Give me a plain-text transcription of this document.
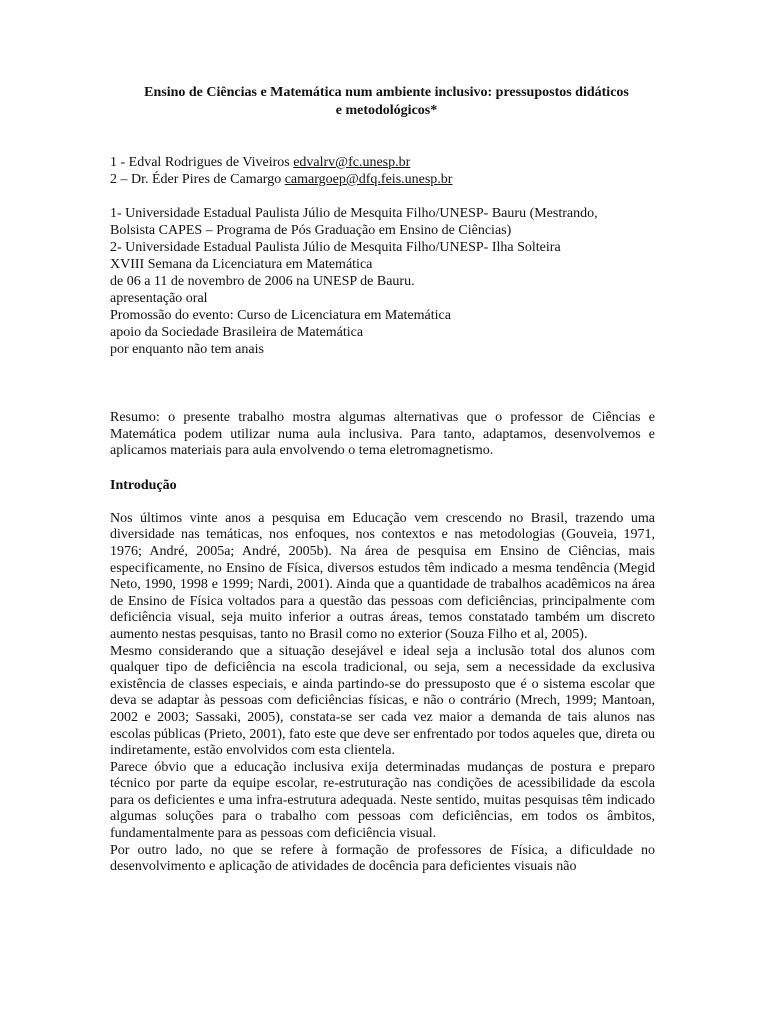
Ensino de Ciências e Matemática num ambiente inclusivo: pressupostos didáticos
e metodológicos*

1 - Edval Rodrigues de Viveiros edvalrv@fc.unesp.br

2 – Dr. Éder Pires de Camargo camargoep@dfq.feis.unesp.br

1- Universidade Estadual Paulista Júlio de Mesquita Filho/UNESP- Bauru (Mestrando,

Bolsista CAPES – Programa de Pós Graduação em Ensino de Ciências)

2- Universidade Estadual Paulista Júlio de Mesquita Filho/UNESP- Ilha Solteira

XVIII Semana da Licenciatura em Matemática

de 06 a 11 de novembro de 2006 na UNESP de Bauru.

apresentação oral

Promossão do evento: Curso de Licenciatura em Matemática

apoio da Sociedade Brasileira de Matemática

por enquanto não tem anais

Resumo: o presente trabalho mostra algumas alternativas que o professor de Ciências e Matemática podem utilizar numa aula inclusiva. Para tanto, adaptamos, desenvolvemos e aplicamos materiais para aula envolvendo o tema eletromagnetismo.

Introdução

Nos últimos vinte anos a pesquisa em Educação vem crescendo no Brasil, trazendo uma diversidade nas temáticas, nos enfoques, nos contextos e nas metodologias (Gouveia, 1971, 1976; André, 2005a; André, 2005b). Na área de pesquisa em Ensino de Ciências, mais especificamente, no Ensino de Física, diversos estudos têm indicado a mesma tendência (Megid Neto, 1990, 1998 e 1999; Nardi, 2001). Ainda que a quantidade de trabalhos acadêmicos na área de Ensino de Física voltados para a questão das pessoas com deficiências, principalmente com deficiência visual, seja muito inferior a outras áreas, temos constatado também um discreto aumento nestas pesquisas, tanto no Brasil como no exterior (Souza Filho et al, 2005).

Mesmo considerando que a situação desejável e ideal seja a inclusão total dos alunos com qualquer tipo de deficiência na escola tradicional, ou seja, sem a necessidade da exclusiva existência de classes especiais, e ainda partindo-se do pressuposto que é o sistema escolar que deva se adaptar às pessoas com deficiências físicas, e não o contrário (Mrech, 1999; Mantoan, 2002 e 2003; Sassaki, 2005), constata-se ser cada vez maior a demanda de tais alunos nas escolas públicas (Prieto, 2001), fato este que deve ser enfrentado por todos aqueles que, direta ou indiretamente, estão envolvidos com esta clientela.

Parece óbvio que a educação inclusiva exija determinadas mudanças de postura e preparo técnico por parte da equipe escolar, re-estruturação nas condições de acessibilidade da escola para os deficientes e uma infra-estrutura adequada. Neste sentido, muitas pesquisas têm indicado algumas soluções para o trabalho com pessoas com deficiências, em todos os âmbitos, fundamentalmente para as pessoas com deficiência visual.

Por outro lado, no que se refere à formação de professores de Física, a dificuldade no desenvolvimento e aplicação de atividades de docência para deficientes visuais não
